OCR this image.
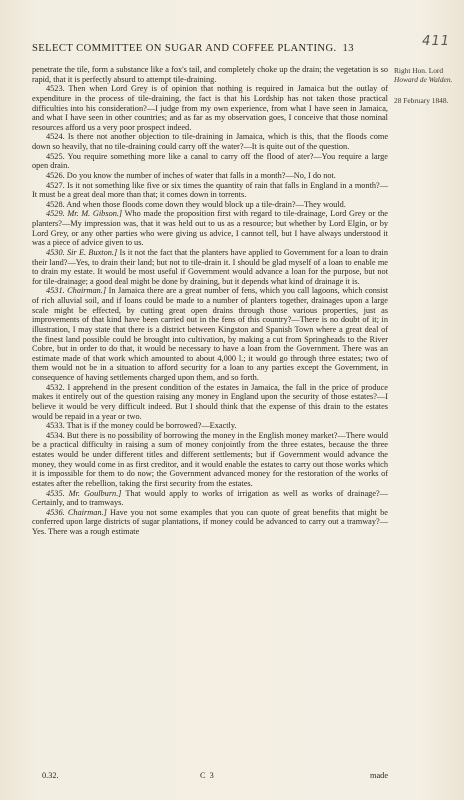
411
SELECT COMMITTEE ON SUGAR AND COFFEE PLANTING. 13
Right Hon. Lord
Howard de Walden.
28 February 1848.

penetrate the tile, form a substance like a fox's tail, and completely choke up the drain; the vegetation is so rapid, that it is perfectly absurd to attempt tile-draining.

4523. Then when Lord Grey is of opinion that nothing is required in Jamaica but the outlay of expenditure in the process of tile-draining, the fact is that his Lordship has not taken those practical difficulties into his consideration?—I judge from my own experience, from what I have seen in Jamaica, and what I have seen in other countries; and as far as my observation goes, I conceive that those nominal resources afford us a very poor prospect indeed.

4524. Is there not another objection to tile-draining in Jamaica, which is this, that the floods come down so heavily, that no tile-draining could carry off the water?—It is quite out of the question.

4525. You require something more like a canal to carry off the flood of ater?—You require a large open drain.

4526. Do you know the number of inches of water that falls in a month?—No, I do not.

4527. Is it not something like five or six times the quantity of rain that falls in England in a month?—It must be a great deal more than that; it comes down in torrents.

4528. And when those floods come down they would block up a tile-drain?—They would.

4529. Mr. M. Gibson.] Who made the proposition first with regard to tile-drainage, Lord Grey or the planters?—My impression was, that it was held out to us as a resource; but whether by Lord Elgin, or by Lord Grey, or any other parties who were giving us advice, I cannot tell, but I have always understood it was a piece of advice given to us.

4530. Sir E. Buxton.] Is it not the fact that the planters have applied to Government for a loan to drain their land?—Yes, to drain their land; but not to tile-drain it. I should be glad myself of a loan to enable me to drain my estate. It would be most useful if Government would advance a loan for the purpose, but not for tile-drainage; a good deal might be done by draining, but it depends what kind of drainage it is.

4531. Chairman.] In Jamaica there are a great number of fens, which you call lagoons, which consist of rich alluvial soil, and if loans could be made to a number of planters together, drainages upon a large scale might be effected, by cutting great open drains through those various properties, just as improvements of that kind have been carried out in the fens of this country?—There is no doubt of it; in illustration, I may state that there is a district between Kingston and Spanish Town where a great deal of the finest land possible could be brought into cultivation, by making a cut from Springheads to the River Cobre, but in order to do that, it would be necessary to have a loan from the Government. There was an estimate made of that work which amounted to about 4,000 l.; it would go through three estates; two of them would not be in a situation to afford security for a loan to any parties except the Government, in consequence of having settlements charged upon them, and so forth.

4532. I apprehend in the present condition of the estates in Jamaica, the fall in the price of produce makes it entirely out of the question raising any money in England upon the security of those estates?—I believe it would be very difficult indeed. But I should think that the expense of this drain to the estates would be repaid in a year or two.

4533. That is if the money could be borrowed?—Exactly.

4534. But there is no possibility of borrowing the money in the English money market?—There would be a practical difficulty in raising a sum of money conjointly from the three estates, because the three estates would be under different titles and different settlements; but if Government would advance the money, they would come in as first creditor, and it would enable the estates to carry out those works which it is impossible for them to do now; the Government advanced money for the restoration of the works of estates after the rebellion, taking the first security from the estates.

4535. Mr. Goulburn.] That would apply to works of irrigation as well as works of drainage?—Certainly, and to tramways.

4536. Chairman.] Have you not some examples that you can quote of great benefits that might be conferred upon large districts of sugar plantations, if money could be advanced to carry out a tramway?—Yes. There was a rough estimate

0.32.	C 3	made
